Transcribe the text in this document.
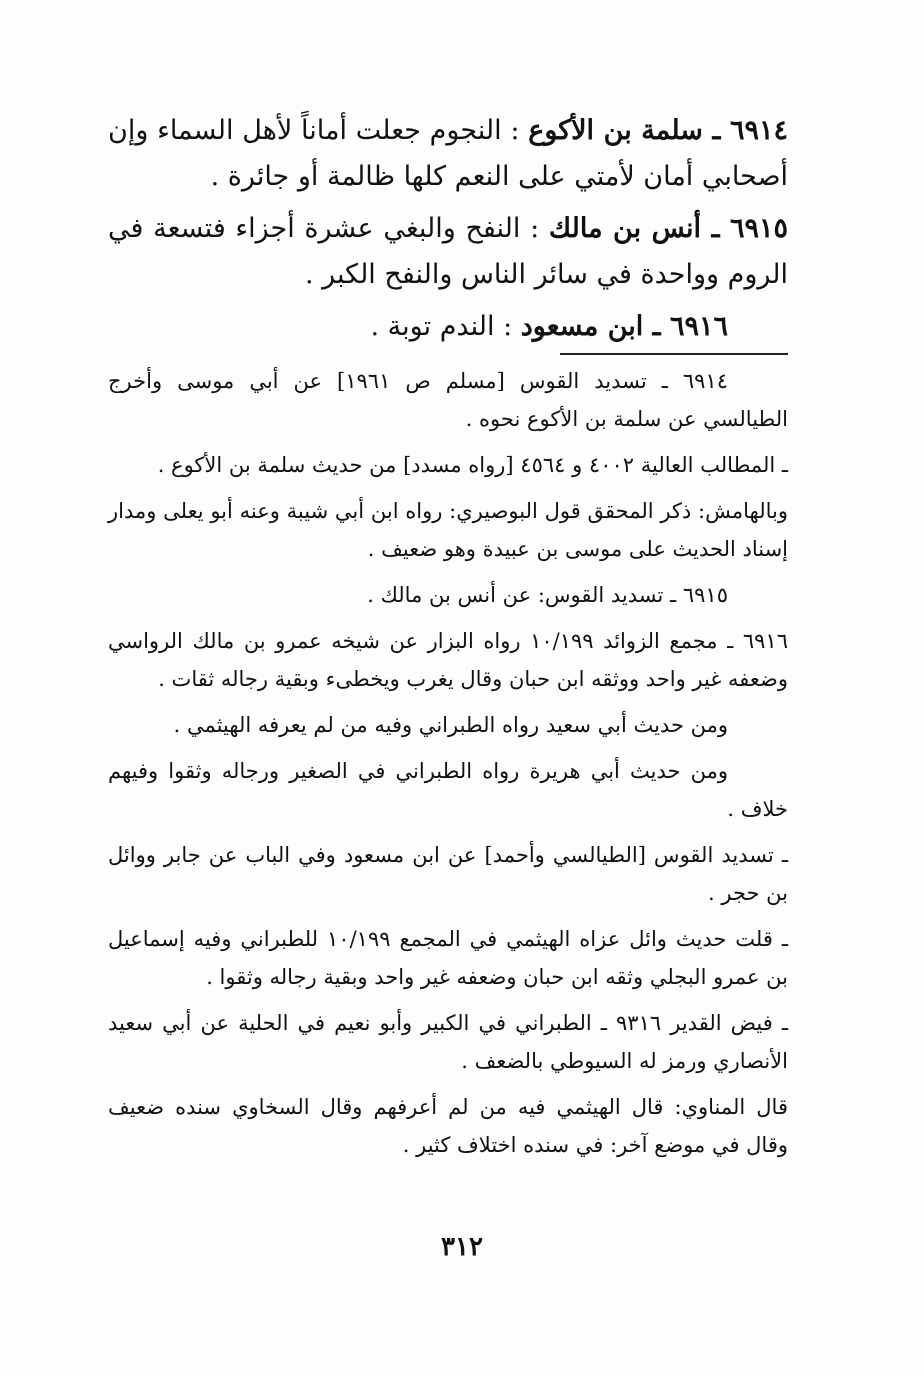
٦٩١٤ ـ سلمة بن الأكوع : النجوم جعلت أماناً لأهل السماء وإن أصحابي أمان لأمتي على النعم كلها ظالمة أو جائرة .

٦٩١٥ ـ أنس بن مالك : النفح والبغي عشرة أجزاء فتسعة في الروم وواحدة في سائر الناس والنفح الكبر .

٦٩١٦ ـ ابن مسعود : الندم توبة .

٦٩١٤ ـ تسديد القوس [مسلم ص ١٩٦١] عن أبي موسى وأخرج الطيالسي عن سلمة بن الأكوع نحوه .

ـ المطالب العالية ٤٠٠٢ و ٤٥٦٤ [رواه مسدد] من حديث سلمة بن الأكوع .

وبالهامش: ذكر المحقق قول البوصيري: رواه ابن أبي شيبة وعنه أبو يعلى ومدار إسناد الحديث على موسى بن عبيدة وهو ضعيف .

٦٩١٥ ـ تسديد القوس: عن أنس بن مالك .

٦٩١٦ ـ مجمع الزوائد ١٠/١٩٩ رواه البزار عن شيخه عمرو بن مالك الرواسي وضعفه غير واحد ووثقه ابن حبان وقال يغرب ويخطىء وبقية رجاله ثقات .

ومن حديث أبي سعيد رواه الطبراني وفيه من لم يعرفه الهيثمي .

ومن حديث أبي هريرة رواه الطبراني في الصغير ورجاله وثقوا وفيهم خلاف .

ـ تسديد القوس [الطيالسي وأحمد] عن ابن مسعود وفي الباب عن جابر ووائل بن حجر .

ـ قلت حديث وائل عزاه الهيثمي في المجمع ١٠/١٩٩ للطبراني وفيه إسماعيل بن عمرو البجلي وثقه ابن حبان وضعفه غير واحد وبقية رجاله وثقوا .

ـ فيض القدير ٩٣١٦ ـ الطبراني في الكبير وأبو نعيم في الحلية عن أبي سعيد الأنصاري ورمز له السيوطي بالضعف .

قال المناوي: قال الهيثمي فيه من لم أعرفهم وقال السخاوي سنده ضعيف وقال في موضع آخر: في سنده اختلاف كثير .

٣١٢
